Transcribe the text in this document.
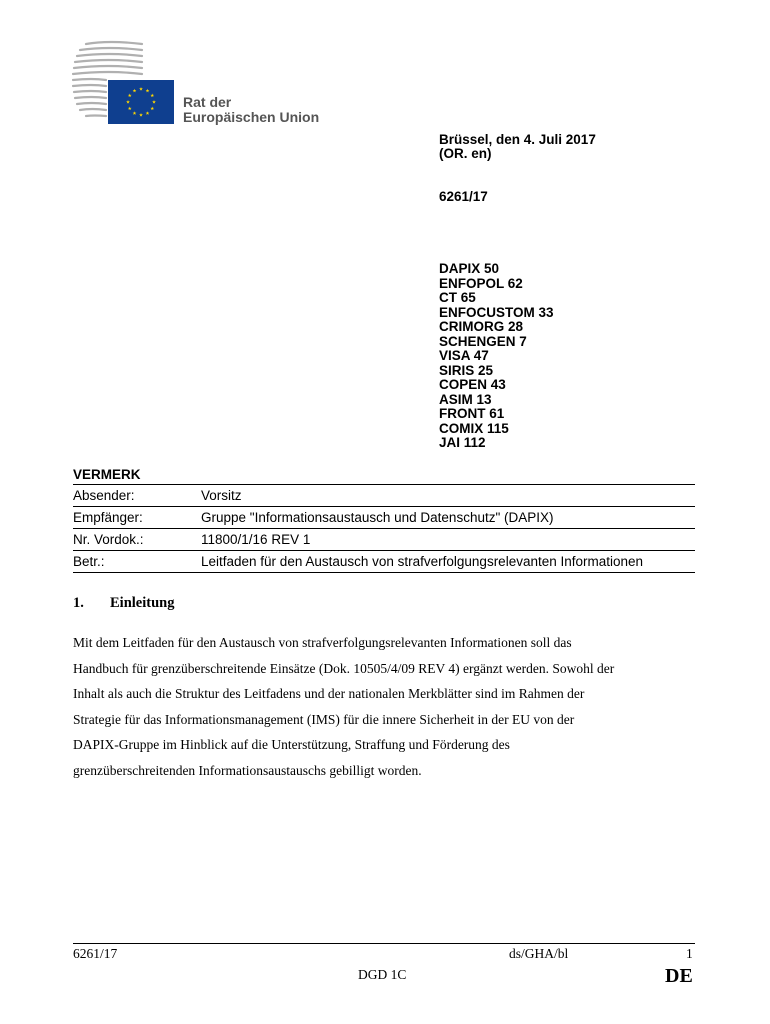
Rat der
Europäischen Union
Brüssel, den 4. Juli 2017
(OR. en)
6261/17
DAPIX 50
ENFOPOL 62
CT 65
ENFOCUSTOM 33
CRIMORG 28
SCHENGEN 7
VISA 47
SIRIS 25
COPEN 43
ASIM 13
FRONT 61
COMIX 115
JAI 112
VERMERK
Absender:	Vorsitz
Empfänger:	Gruppe "Informationsaustausch und Datenschutz" (DAPIX)
Nr. Vordok.:	11800/1/16 REV 1
Betr.:	Leitfaden für den Austausch von strafverfolgungsrelevanten Informationen
1. Einleitung
Mit dem Leitfaden für den Austausch von strafverfolgungsrelevanten Informationen soll das
Handbuch für grenzüberschreitende Einsätze (Dok. 10505/4/09 REV 4) ergänzt werden. Sowohl der
Inhalt als auch die Struktur des Leitfadens und der nationalen Merkblätter sind im Rahmen der
Strategie für das Informationsmanagement (IMS) für die innere Sicherheit in der EU von der
DAPIX-Gruppe im Hinblick auf die Unterstützung, Straffung und Förderung des
grenzüberschreitenden Informationsaustauschs gebilligt worden.
6261/17	ds/GHA/bl	1
DGD 1C	DE
